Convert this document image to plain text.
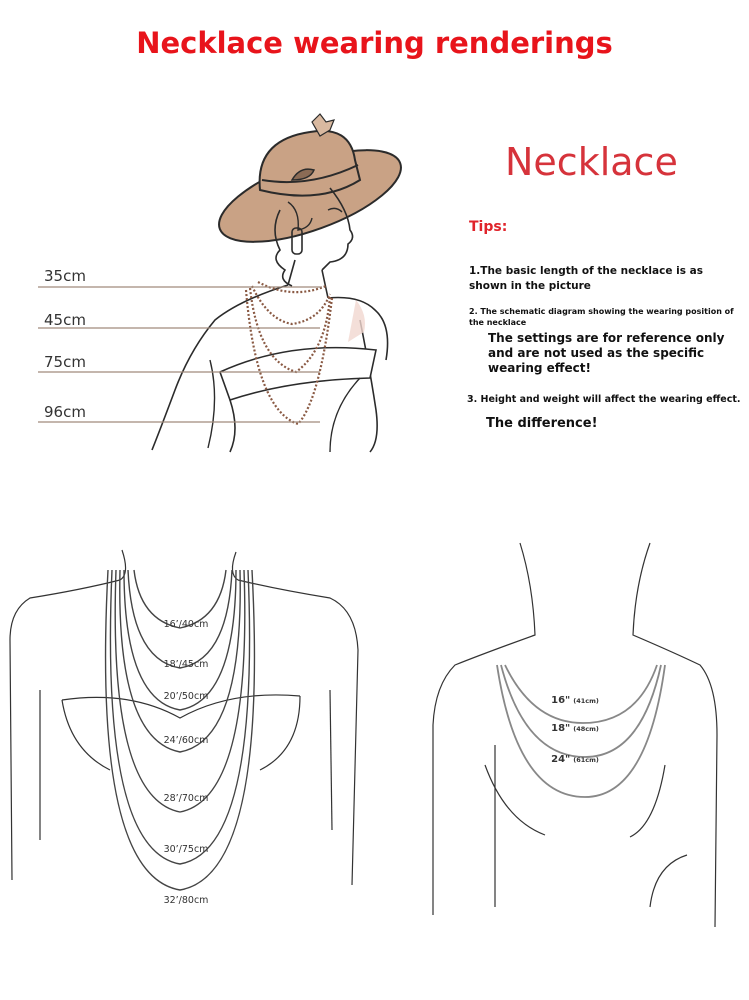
Necklace wearing renderings
Necklace
Tips:
1.The basic length of the necklace is as shown in the picture
2. The schematic diagram showing the wearing position of the necklace
The settings are for reference only and are not used as the specific wearing effect!
3. Height and weight will affect the wearing effect.
The difference!
35cm
45cm
75cm
96cm
16’/40cm
18’/45cm
20’/50cm
24’/60cm
28’/70cm
30’/75cm
32’/80cm
16" (41cm)
18" (48cm)
24" (61cm)
